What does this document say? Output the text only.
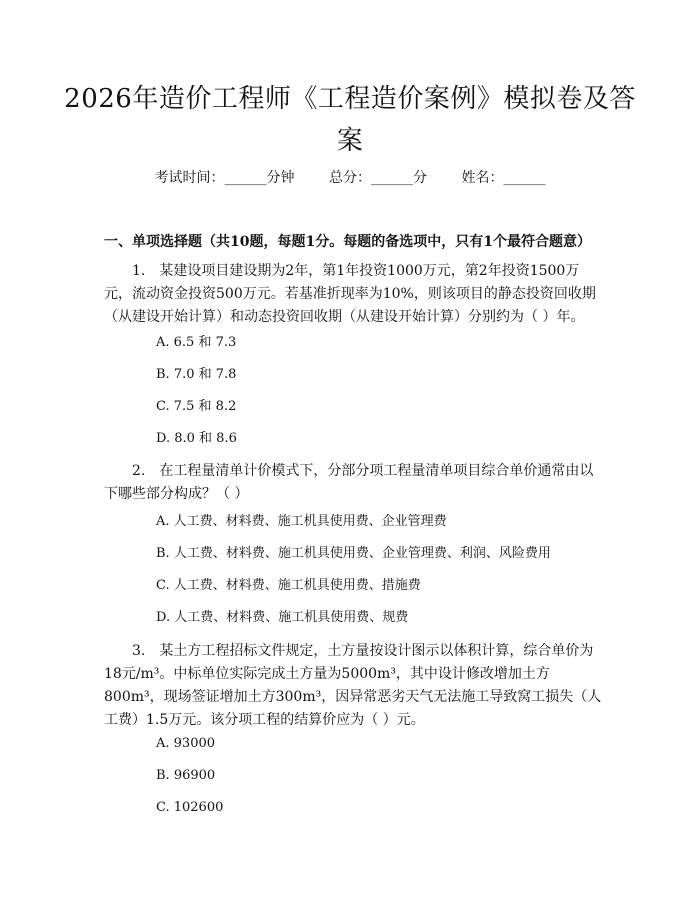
2026年造价工程师《工程造价案例》模拟卷及答案
考试时间：______分钟 总分：______分 姓名：______
一、单项选择题（共10题，每题1分。每题的备选项中，只有1个最符合题意）
1.　某建设项目建设期为2年，第1年投资1000万元，第2年投资1500万元，流动资金投资500万元。若基准折现率为10%，则该项目的静态投资回收期（从建设开始计算）和动态投资回收期（从建设开始计算）分别约为（ ）年。
A. 6.5 和 7.3
B. 7.0 和 7.8
C. 7.5 和 8.2
D. 8.0 和 8.6
2.　在工程量清单计价模式下，分部分项工程量清单项目综合单价通常由以下哪些部分构成？（ ）
A. 人工费、材料费、施工机具使用费、企业管理费
B. 人工费、材料费、施工机具使用费、企业管理费、利润、风险费用
C. 人工费、材料费、施工机具使用费、措施费
D. 人工费、材料费、施工机具使用费、规费
3.　某土方工程招标文件规定，土方量按设计图示以体积计算，综合单价为18元/m³。中标单位实际完成土方量为5000m³，其中设计修改增加土方800m³，现场签证增加土方300m³，因异常恶劣天气无法施工导致窝工损失（人工费）1.5万元。该分项工程的结算价应为（ ）元。
A. 93000
B. 96900
C. 102600
